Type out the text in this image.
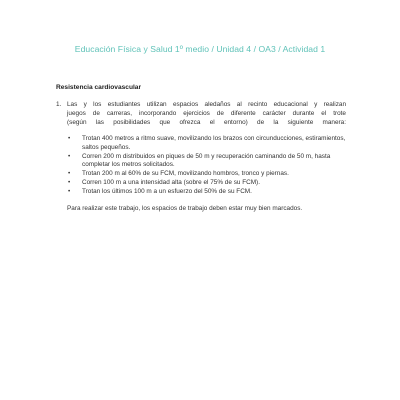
Educación Física y Salud 1º medio / Unidad 4 / OA3 / Actividad 1
Resistencia cardiovascular
1. Las y los estudiantes utilizan espacios aledaños al recinto educacional y realizan
juegos de carreras, incorporando ejercicios de diferente carácter durante el trote
(según las posibilidades que ofrezca el entorno) de la siguiente manera:
•	Trotan 400 metros a ritmo suave, movilizando los brazos con circunducciones, estiramientos, saltos pequeños.
•	Corren 200 m distribuidos en piques de 50 m y recuperación caminando de 50 m, hasta completar los metros solicitados.
•	Trotan 200 m al 60% de su FCM, movilizando hombros, tronco y piernas.
•	Corren 100 m a una intensidad alta (sobre el 75% de su FCM).
•	Trotan los últimos 100 m a un esfuerzo del 50% de su FCM.
Para realizar este trabajo, los espacios de trabajo deben estar muy bien marcados.
